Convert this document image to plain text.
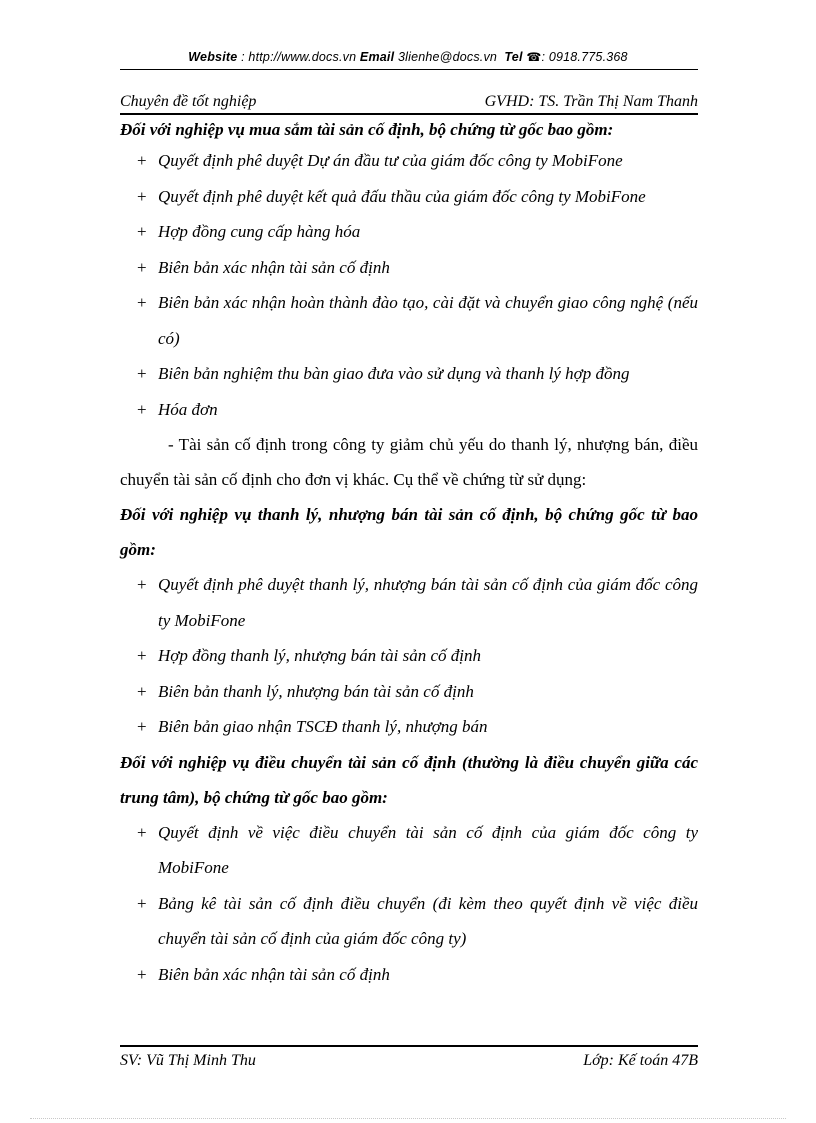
Website : http://www.docs.vn Email 3lienhe@docs.vn Tel ☎: 0918.775.368
Chuyên đề tốt nghiệp	GVHD: TS. Trần Thị Nam Thanh
Đối với nghiệp vụ mua sắm tài sản cố định, bộ chứng từ gốc bao gồm:
+ Quyết định phê duyệt Dự án đầu tư của giám đốc công ty MobiFone
+ Quyết định phê duyệt kết quả đấu thầu của giám đốc công ty MobiFone
+ Hợp đồng cung cấp hàng hóa
+ Biên bản xác nhận tài sản cố định
+ Biên bản xác nhận hoàn thành đào tạo, cài đặt và chuyển giao công nghệ (nếu có)
+ Biên bản nghiệm thu bàn giao đưa vào sử dụng và thanh lý hợp đồng
+ Hóa đơn
- Tài sản cố định trong công ty giảm chủ yếu do thanh lý, nhượng bán, điều chuyển tài sản cố định cho đơn vị khác. Cụ thể về chứng từ sử dụng:
Đối với nghiệp vụ thanh lý, nhượng bán tài sản cố định, bộ chứng gốc từ bao gồm:
+ Quyết định phê duyệt thanh lý, nhượng bán tài sản cố định của giám đốc công ty MobiFone
+ Hợp đồng thanh lý, nhượng bán tài sản cố định
+ Biên bản thanh lý, nhượng bán tài sản cố định
+ Biên bản giao nhận TSCĐ thanh lý, nhượng bán
Đối với nghiệp vụ điều chuyển tài sản cố định (thường là điều chuyển giữa các trung tâm), bộ chứng từ gốc bao gồm:
+ Quyết định về việc điều chuyển tài sản cố định của giám đốc công ty MobiFone
+ Bảng kê tài sản cố định điều chuyển (đi kèm theo quyết định về việc điều chuyển tài sản cố định của giám đốc công ty)
+ Biên bản xác nhận tài sản cố định
SV: Vũ Thị Minh Thu	Lớp: Kế toán 47B
